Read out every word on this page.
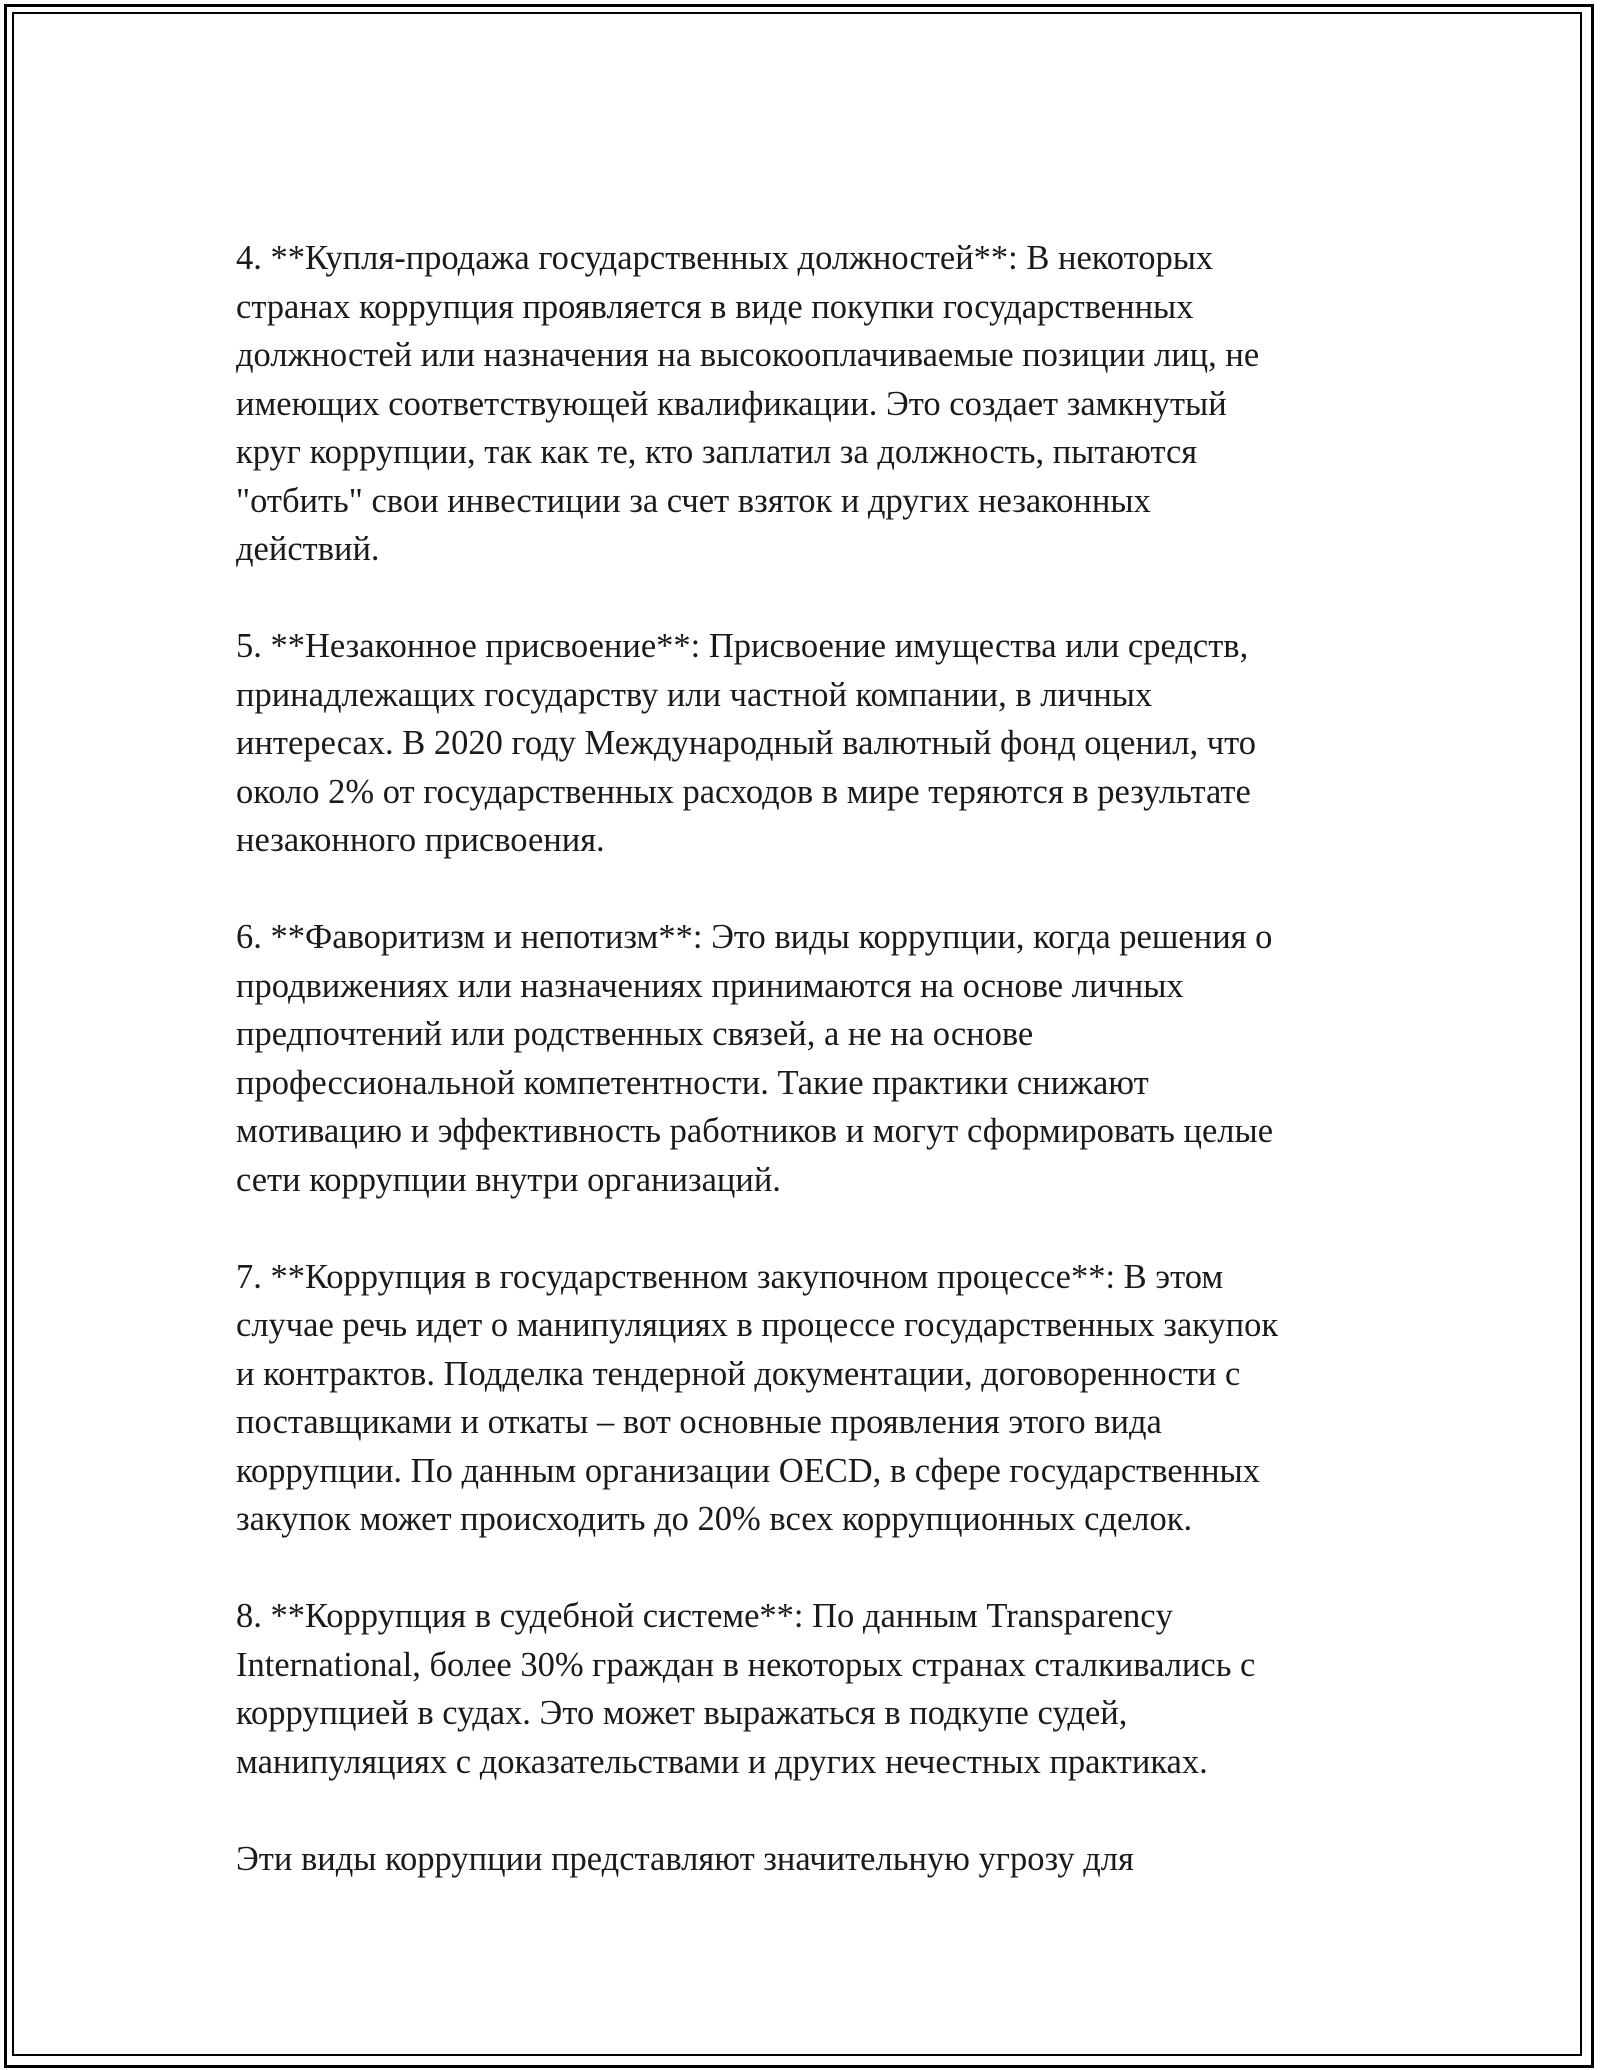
4. **Купля-продажа государственных должностей**: В некоторых
странах коррупция проявляется в виде покупки государственных
должностей или назначения на высокооплачиваемые позиции лиц, не
имеющих соответствующей квалификации. Это создает замкнутый
круг коррупции, так как те, кто заплатил за должность, пытаются
"отбить" свои инвестиции за счет взяток и других незаконных
действий.

5. **Незаконное присвоение**: Присвоение имущества или средств,
принадлежащих государству или частной компании, в личных
интересах. В 2020 году Международный валютный фонд оценил, что
около 2% от государственных расходов в мире теряются в результате
незаконного присвоения.

6. **Фаворитизм и непотизм**: Это виды коррупции, когда решения о
продвижениях или назначениях принимаются на основе личных
предпочтений или родственных связей, а не на основе
профессиональной компетентности. Такие практики снижают
мотивацию и эффективность работников и могут сформировать целые
сети коррупции внутри организаций.

7. **Коррупция в государственном закупочном процессе**: В этом
случае речь идет о манипуляциях в процессе государственных закупок
и контрактов. Подделка тендерной документации, договоренности с
поставщиками и откаты – вот основные проявления этого вида
коррупции. По данным организации OECD, в сфере государственных
закупок может происходить до 20% всех коррупционных сделок.

8. **Коррупция в судебной системе**: По данным Transparency
International, более 30% граждан в некоторых странах сталкивались с
коррупцией в судах. Это может выражаться в подкупе судей,
манипуляциях с доказательствами и других нечестных практиках.

Эти виды коррупции представляют значительную угрозу для
